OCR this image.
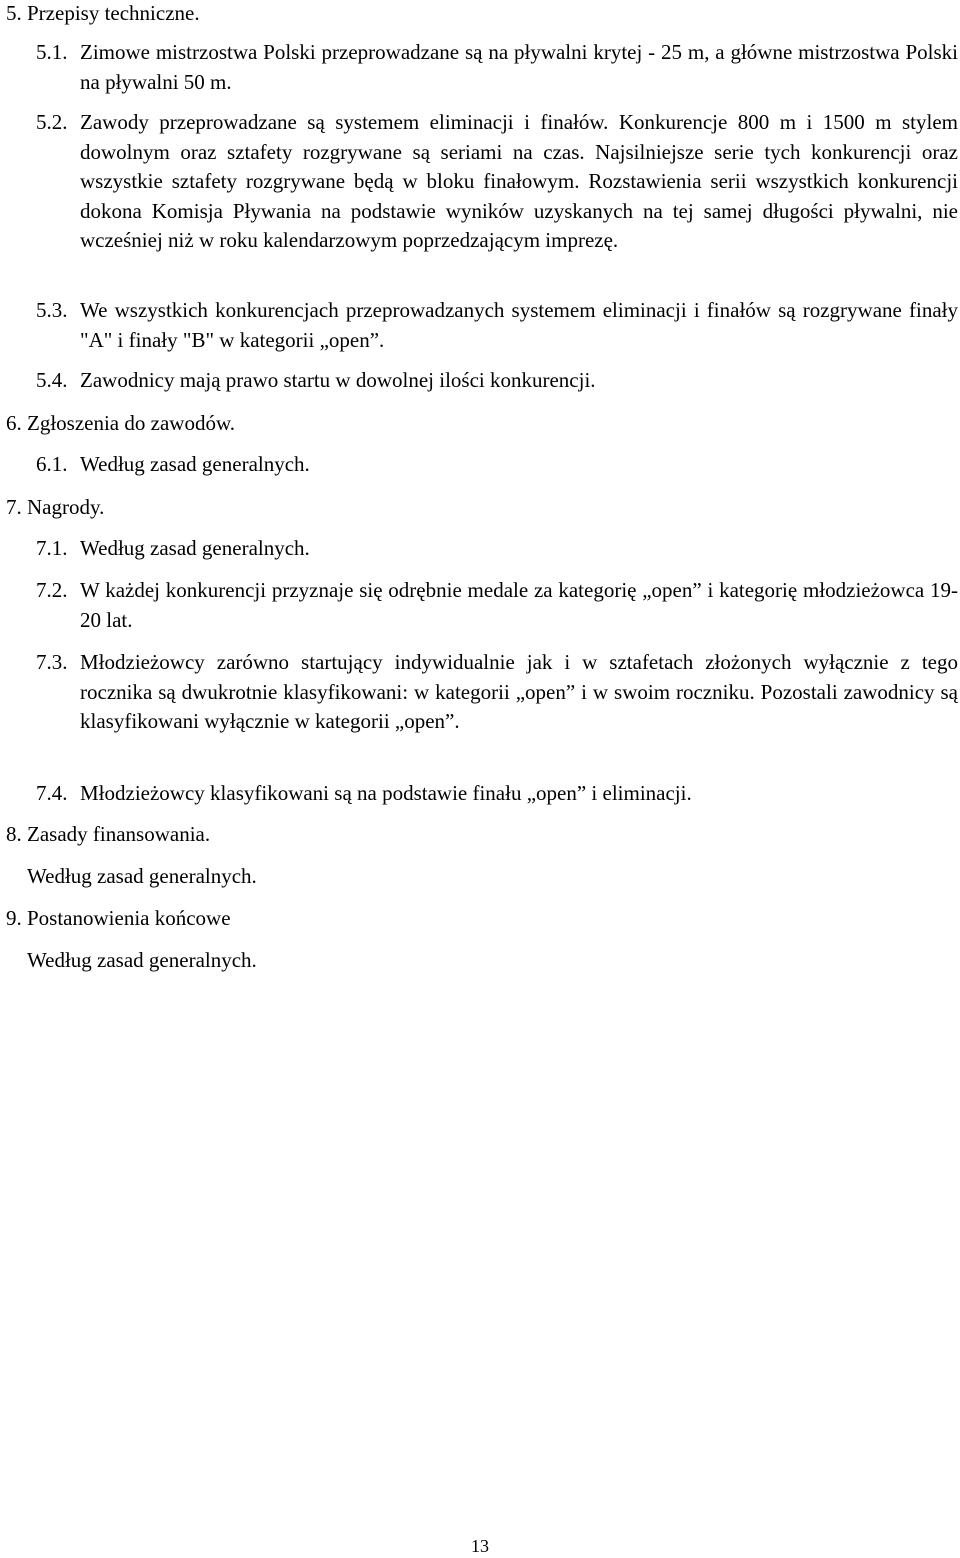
5. Przepisy techniczne.

5.1. Zimowe mistrzostwa Polski przeprowadzane są na pływalni krytej - 25 m, a główne mistrzostwa Polski na pływalni 50 m.
5.2. Zawody przeprowadzane są systemem eliminacji i finałów. Konkurencje 800 m i 1500 m stylem dowolnym oraz sztafety rozgrywane są seriami na czas. Najsilniejsze serie tych konkurencji oraz wszystkie sztafety rozgrywane będą w bloku finałowym. Rozstawienia serii wszystkich konkurencji dokona Komisja Pływania na podstawie wyników uzyskanych na tej samej długości pływalni, nie wcześniej niż w roku kalendarzowym poprzedzającym imprezę.
5.3. We wszystkich konkurencjach przeprowadzanych systemem eliminacji i finałów są rozgrywane finały "A" i finały "B" w kategorii „open”.
5.4. Zawodnicy mają prawo startu w dowolnej ilości konkurencji.

6. Zgłoszenia do zawodów.

6.1. Według zasad generalnych.

7. Nagrody.

7.1. Według zasad generalnych.
7.2. W każdej konkurencji przyznaje się odrębnie medale za kategorię „open” i kategorię młodzieżowca 19-20 lat.
7.3. Młodzieżowcy zarówno startujący indywidualnie jak i w sztafetach złożonych wyłącznie z tego rocznika są dwukrotnie klasyfikowani: w kategorii „open” i w swoim roczniku. Pozostali zawodnicy są klasyfikowani wyłącznie w kategorii „open”.
7.4. Młodzieżowcy klasyfikowani są na podstawie finału „open” i eliminacji.

8. Zasady finansowania.

Według zasad generalnych.

9. Postanowienia końcowe

Według zasad generalnych.

13
